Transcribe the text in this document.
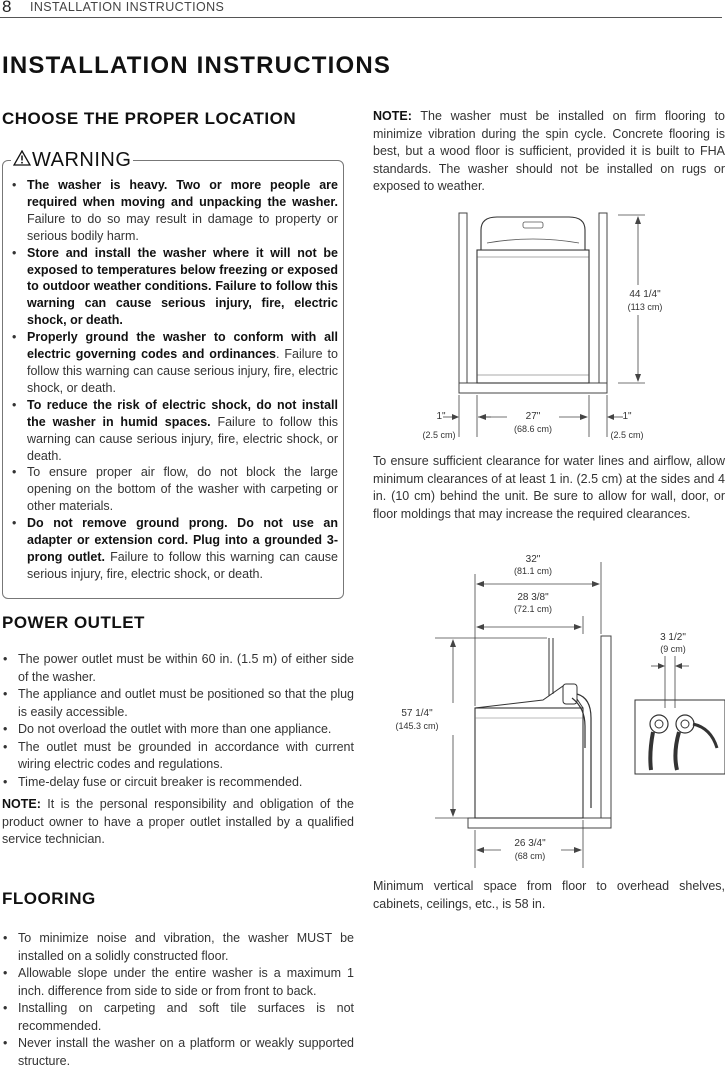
8 INSTALLATION INSTRUCTIONS
INSTALLATION INSTRUCTIONS
CHOOSE THE PROPER LOCATION
WARNING
• The washer is heavy. Two or more people are required when moving and unpacking the washer. Failure to do so may result in damage to property or serious bodily harm.
• Store and install the washer where it will not be exposed to temperatures below freezing or exposed to outdoor weather conditions. Failure to follow this warning can cause serious injury, fire, electric shock, or death.
• Properly ground the washer to conform with all electric governing codes and ordinances. Failure to follow this warning can cause serious injury, fire, electric shock, or death.
• To reduce the risk of electric shock, do not install the washer in humid spaces. Failure to follow this warning can cause serious injury, fire, electric shock, or death.
• To ensure proper air flow, do not block the large opening on the bottom of the washer with carpeting or other materials.
• Do not remove ground prong. Do not use an adapter or extension cord. Plug into a grounded 3-prong outlet. Failure to follow this warning can cause serious injury, fire, electric shock, or death.
POWER OUTLET
• The power outlet must be within 60 in. (1.5 m) of either side of the washer.
• The appliance and outlet must be positioned so that the plug is easily accessible.
• Do not overload the outlet with more than one appliance.
• The outlet must be grounded in accordance with current wiring electric codes and regulations.
• Time-delay fuse or circuit breaker is recommended.

NOTE: It is the personal responsibility and obligation of the product owner to have a proper outlet installed by a qualified service technician.

FLOORING
• To minimize noise and vibration, the washer MUST be installed on a solidly constructed floor.
• Allowable slope under the entire washer is a maximum 1 inch. difference from side to side or from front to back.
• Installing on carpeting and soft tile surfaces is not recommended.
• Never install the washer on a platform or weakly supported structure.

NOTE: The washer must be installed on firm flooring to minimize vibration during the spin cycle. Concrete flooring is best, but a wood floor is sufficient, provided it is built to FHA standards. The washer should not be installed on rugs or exposed to weather.

44 1/4"
(113 cm)
27"
(68.6 cm)
1"
(2.5 cm)
1"
(2.5 cm)

To ensure sufficient clearance for water lines and airflow, allow minimum clearances of at least 1 in. (2.5 cm) at the sides and 4 in. (10 cm) behind the unit. Be sure to allow for wall, door, or floor moldings that may increase the required clearances.

32"
(81.1 cm)
28 3/8"
(72.1 cm)
3 1/2"
(9 cm)
57 1/4"
(145.3 cm)
26 3/4"
(68 cm)

Minimum vertical space from floor to overhead shelves, cabinets, ceilings, etc., is 58 in.
